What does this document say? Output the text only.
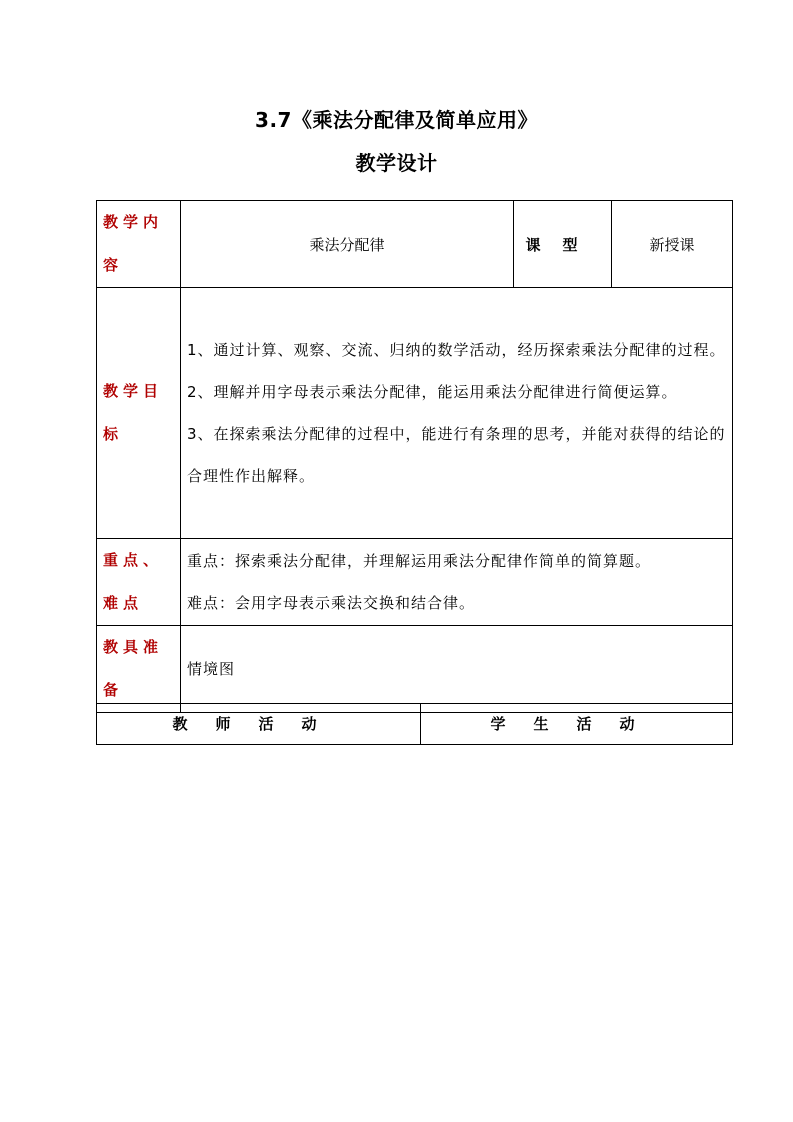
3.7《乘法分配律及简单应用》
教学设计
教学内容	乘法分配律	课型	新授课
教学目标	1、通过计算、观察、交流、归纳的数学活动，经历探索乘法分配律的过程。
2、理解并用字母表示乘法分配律，能运用乘法分配律进行简便运算。
3、在探索乘法分配律的过程中，能进行有条理的思考，并能对获得的结论的合理性作出解释。		

重点、难点	重点：探索乘法分配律，并理解运用乘法分配律作简单的简算题。
难点：会用字母表示乘法交换和结合律。		

教具准备	情境图		
教师活动	学生活动
